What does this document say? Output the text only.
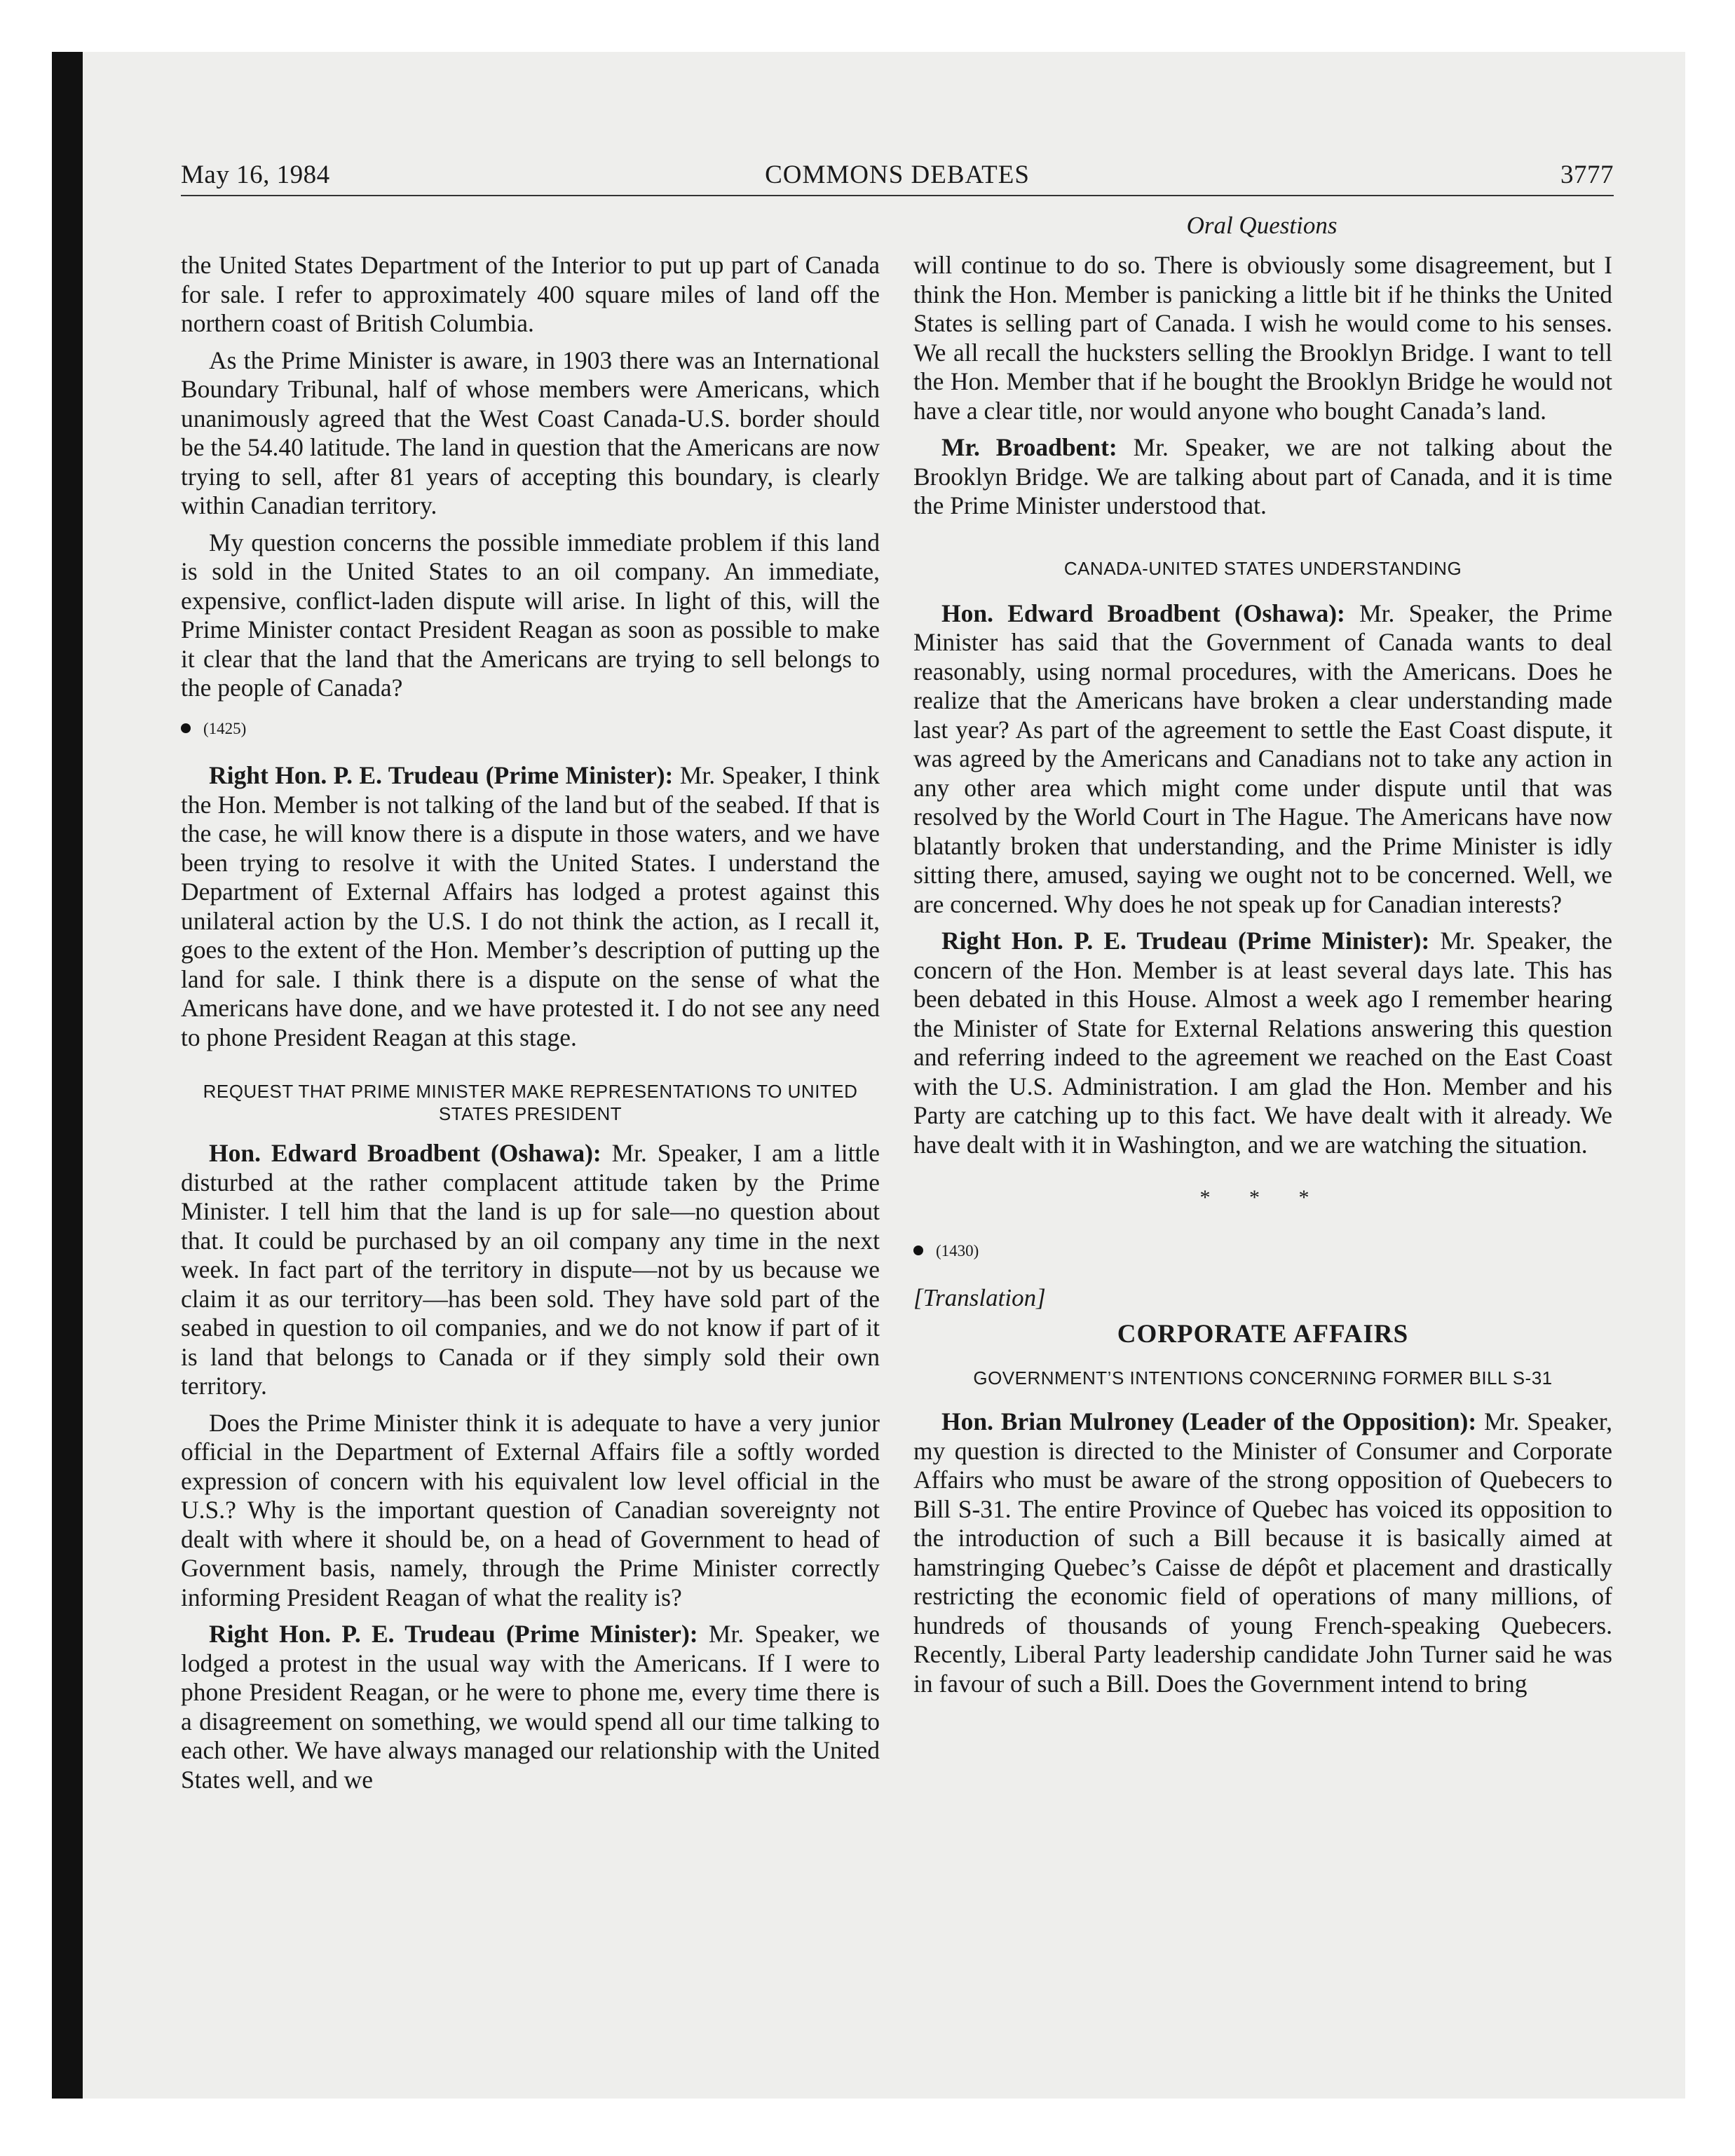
May 16, 1984	COMMONS DEBATES	3777
Oral Questions

the United States Department of the Interior to put up part of Canada for sale. I refer to approximately 400 square miles of land off the northern coast of British Columbia.

As the Prime Minister is aware, in 1903 there was an International Boundary Tribunal, half of whose members were Americans, which unanimously agreed that the West Coast Canada-U.S. border should be the 54.40 latitude. The land in question that the Americans are now trying to sell, after 81 years of accepting this boundary, is clearly within Canadian territory.

My question concerns the possible immediate problem if this land is sold in the United States to an oil company. An immediate, expensive, conflict-laden dispute will arise. In light of this, will the Prime Minister contact President Reagan as soon as possible to make it clear that the land that the Americans are trying to sell belongs to the people of Canada?

(1425)

Right Hon. P. E. Trudeau (Prime Minister): Mr. Speaker, I think the Hon. Member is not talking of the land but of the seabed. If that is the case, he will know there is a dispute in those waters, and we have been trying to resolve it with the United States. I understand the Department of External Affairs has lodged a protest against this unilateral action by the U.S. I do not think the action, as I recall it, goes to the extent of the Hon. Member’s description of putting up the land for sale. I think there is a dispute on the sense of what the Americans have done, and we have protested it. I do not see any need to phone President Reagan at this stage.

REQUEST THAT PRIME MINISTER MAKE REPRESENTATIONS TO UNITED STATES PRESIDENT

Hon. Edward Broadbent (Oshawa): Mr. Speaker, I am a little disturbed at the rather complacent attitude taken by the Prime Minister. I tell him that the land is up for sale—no question about that. It could be purchased by an oil company any time in the next week. In fact part of the territory in dispute—not by us because we claim it as our territory—has been sold. They have sold part of the seabed in question to oil companies, and we do not know if part of it is land that belongs to Canada or if they simply sold their own territory.

Does the Prime Minister think it is adequate to have a very junior official in the Department of External Affairs file a softly worded expression of concern with his equivalent low level official in the U.S.? Why is the important question of Canadian sovereignty not dealt with where it should be, on a head of Government to head of Government basis, namely, through the Prime Minister correctly informing President Reagan of what the reality is?

Right Hon. P. E. Trudeau (Prime Minister): Mr. Speaker, we lodged a protest in the usual way with the Americans. If I were to phone President Reagan, or he were to phone me, every time there is a disagreement on something, we would spend all our time talking to each other. We have always managed our relationship with the United States well, and we

will continue to do so. There is obviously some disagreement, but I think the Hon. Member is panicking a little bit if he thinks the United States is selling part of Canada. I wish he would come to his senses. We all recall the hucksters selling the Brooklyn Bridge. I want to tell the Hon. Member that if he bought the Brooklyn Bridge he would not have a clear title, nor would anyone who bought Canada’s land.

Mr. Broadbent: Mr. Speaker, we are not talking about the Brooklyn Bridge. We are talking about part of Canada, and it is time the Prime Minister understood that.

CANADA-UNITED STATES UNDERSTANDING

Hon. Edward Broadbent (Oshawa): Mr. Speaker, the Prime Minister has said that the Government of Canada wants to deal reasonably, using normal procedures, with the Americans. Does he realize that the Americans have broken a clear understanding made last year? As part of the agreement to settle the East Coast dispute, it was agreed by the Americans and Canadians not to take any action in any other area which might come under dispute until that was resolved by the World Court in The Hague. The Americans have now blatantly broken that understanding, and the Prime Minister is idly sitting there, amused, saying we ought not to be concerned. Well, we are concerned. Why does he not speak up for Canadian interests?

Right Hon. P. E. Trudeau (Prime Minister): Mr. Speaker, the concern of the Hon. Member is at least several days late. This has been debated in this House. Almost a week ago I remember hearing the Minister of State for External Relations answering this question and referring indeed to the agreement we reached on the East Coast with the U.S. Administration. I am glad the Hon. Member and his Party are catching up to this fact. We have dealt with it already. We have dealt with it in Washington, and we are watching the situation.

* * *
(1430)
[Translation]
CORPORATE AFFAIRS
GOVERNMENT’S INTENTIONS CONCERNING FORMER BILL S-31

Hon. Brian Mulroney (Leader of the Opposition): Mr. Speaker, my question is directed to the Minister of Consumer and Corporate Affairs who must be aware of the strong opposition of Quebecers to Bill S-31. The entire Province of Quebec has voiced its opposition to the introduction of such a Bill because it is basically aimed at hamstringing Quebec’s Caisse de dépôt et placement and drastically restricting the economic field of operations of many millions, of hundreds of thousands of young French-speaking Quebecers. Recently, Liberal Party leadership candidate John Turner said he was in favour of such a Bill. Does the Government intend to bring
